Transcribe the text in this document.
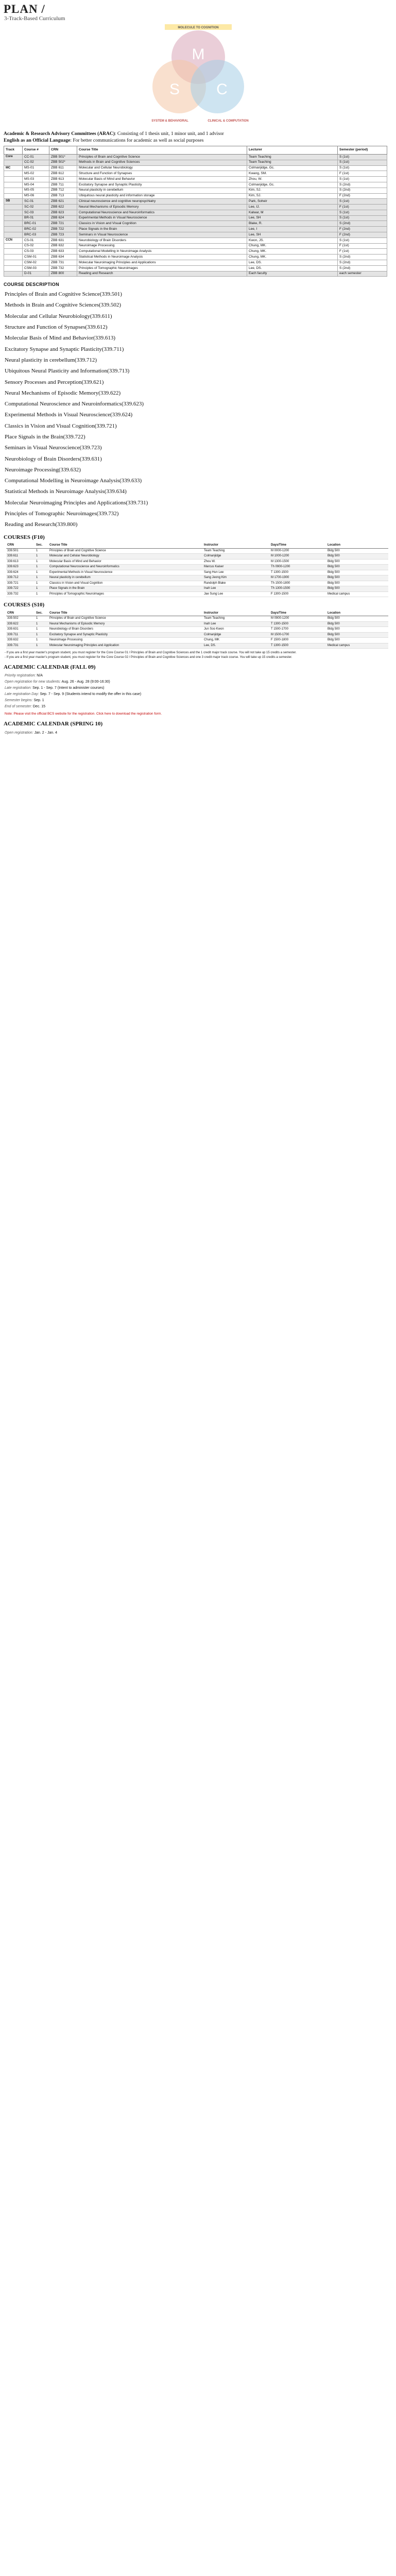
PLAN /
3-Track-Based Curriculum
MOLECULE TO COGNITION
M
S C
SYSTEM & BEHAVIORAL	CLINICAL & COMPUTATION
Academic & Research Advisory Committees (ARAC): Consisting of 1 thesis unit, 1 minor unit, and 1 advisor
English as an Official Language: For better communications for academic as well as social purposes
Track	Course #	CRN	Course Title	Lecturer	Semester (period)
Core	CC-01	ZBB 501*	Principles of Brain and Cognitive Science	Team Teaching	S (1st)
	CC-02	ZBB 502*	Methods in Brain and Cognitive Sciences	Team Teaching	S (1st)
MC	MS-01	ZBB 611	Molecular and Cellular Neurobiology	Colmanjidge, Gc.	S (1st)
	MS-02	ZBB 612	Structure and Function of Synapses	Kwang, SM.	F (1st)
	MS-03	ZBB 613	Molecular Basis of Mind and Behavior	Zhou, W.	S (1st)
	MS-04	ZBB 711	Excitatory Synapse and Synaptic Plasticity	Colmanjidge, Gc.	S (2nd)
	MS-05	ZBB 712	Neural plasticity in cerebellum	Kim, SJ.	S (2nd)
	MS-06	ZBB 713	Ubiquitous neural plasticity and information storage	Kim, SJ.	F (2nd)
SB	SC-01	ZBB 621	Clinical neuroscience and cognitive neuropsychiatry	Park, Soheir	S (1st)
	SC-02	ZBB 622	Neural Mechanisms of Episodic Memory	Lee, IJ.	F (1st)
	SC-03	ZBB 623	Computational Neuroscience and Neuroinformatics	Kalwar, M	S (1st)
	BR-01	ZBB 624	Experimental Methods in Visual Neuroscience	Lee, SH	S (1st)
	BRC-01	ZBB 721	Classics in Vision and Visual Cognition	Blake, R.	S (2nd)
	BRC-02	ZBB 722	Place Signals in the Brain	Lee, I	F (2nd)
	BRC-03	ZBB 723	Seminars in Visual Neuroscience	Lee, SH	F (2nd)
CCN	CS-01	ZBB 631	Neurobiology of Brain Disorders	Kwon, JS.	S (1st)
	CS-02	ZBB 632	Neuroimage Processing	Chung, MK.	F (1st)
	CS-03	ZBB 633	Computational Modelling in Neuroimage Analysis	Chung, MK.	F (1st)
	CSM-01	ZBB 634	Statistical Methods in Neuroimage Analysis	Chung, MK.	S (2nd)
	CSM-02	ZBB 731	Molecular Neuroimaging Principles and Applications	Lee, DS.	S (2nd)
	CSM-03	ZBB 732	Principles of Tomographic Neuroimages	Lee, DS.	S (2nd)
	D-01	ZBB 800	Reading and Research	Each faculty	each semester
COURSE DESCRIPTION
Principles of Brain and Cognitive Science(339.501)
Methods in Brain and Cognitive Sciences(339.502)
Molecular and Cellular Neurobiology(339.611)
Structure and Function of Synapses(339.612)
Molecular Basis of Mind and Behavior(339.613)
Excitatory Synapse and Synaptic Plasticity(339.711)
Neural plasticity in cerebellum(339.712)
Ubiquitous Neural Plasticity and Information(339.713)
Sensory Processes and Perception(339.621)
Neural Mechanisms of Episodic Memory(339.622)
Computational Neuroscience and Neuroinformatics(339.623)
Experimental Methods in Visual Neuroscience(339.624)
Classics in Vision and Visual Cognition(339.721)
Place Signals in the Brain(339.722)
Seminars in Visual Neuroscience(339.723)
Neurobiology of Brain Disorders(339.631)
Neuroimage Processing(339.632)
Computational Modelling in Neuroimage Analysis(339.633)
Statistical Methods in Neuroimage Analysis(339.634)
Molecular Neuroimaging Principles and Applications(339.731)
Principles of Tomographic Neuroimages(339.732)
Reading and Research(339.800)
COURSES (F10)
CRN	Sec.	Course Title	Instructor	Days/Time	Location
339.501	1	Principles of Brain and Cognitive Science	Team Teaching	M 0000-1200	Bldg 500
339.611	1	Molecular and Cellular Neurobiology	Colmanjidge	M 1000-1200	Bldg 500
339.613	1	Molecular Basis of Mind and Behavior	Zhou W.	M 1300-1500	Bldg 500
339.623	1	Computational Neuroscience and Neuroinformatics	Marcus Kaiser	Th 0900-1200	Bldg 500
339.624	1	Experimental Methods in Visual Neuroscience	Sang Hun Lee	T 1300-1500	Bldg 500
339.712	1	Neural plasticity in cerebellum	Sang Jeong Kim	M 1700-1900	Bldg 500
339.721	1	Classics in Vision and Visual Cognition	Randolph Blake	Th 1500-1800	Bldg 500
339.722	1	Place Signals in the Brain	Inah Lee	Th 1300-1500	Bldg 500
339.732	1	Principles of Tomographic Neuroimages	Jae Sung Lee	F 1300-1500	Medical campus
COURSES (S10)
CRN	Sec.	Course Title	Instructor	Days/Time	Location
339.502	1	Principles of Brain and Cognitive Science	Team Teaching	M 0900-1200	Bldg 500
339.622	1	Neural Mechanisms of Episodic Memory	Inah Lee	T 1300-1500	Bldg 500
339.631	1	Neurobiology of Brain Disorders	Jun Soo Kwon	T 1500-1700	Bldg 500
339.711	1	Excitatory Synapse and Synaptic Plasticity	Colmanjidge	M 1500-1700	Bldg 500
339.632	1	Neuroimage Processing	Chung, MK	F 1500-1800	Bldg 500
339.731	1	Molecular Neuroimaging Principles and Application	Lee, DS.	T 1300-1500	Medical campus
- If you are a first year master's program student, you must register for the Core Course 01 / Principles of Brain and Cognitive Sciences and the 1 credit major track course. You will not take up 15 credits a semester.
- If you are a first year master's program student, you must register for the Core Course 02 / Principles of Brain and Cognitive Sciences and one 3 credit major track course. You will take up 15 credits a semester.
ACADEMIC CALENDAR (FALL 09)
Priority registration: N/A
Open registration for new students: Aug. 26 - Aug. 28 (9:00-16:30)
Late registration: Sep. 1 - Sep. 7 (Intent to administer courses)
Late registration Day: Sep. 7 - Sep. 9 (Students intend to modify the offer in this case)
Semester begins: Sep. 1
End of semester: Dec. 15
Note: Please visit the official BCS website for the registration. Click here to download the registration form.
ACADEMIC CALENDAR (SPRING 10)
Open registration: Jan. 2 - Jan. 4
